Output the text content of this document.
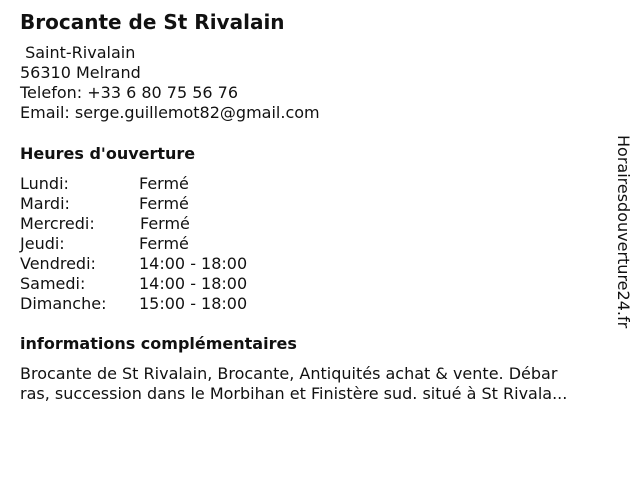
Brocante de St Rivalain
Saint-Rivalain
56310 Melrand
Telefon: +33 6 80 75 56 76
Email: serge.guillemot82@gmail.com
Heures d'ouverture
Lundi:	Fermé
Mardi:	Fermé
Mercredi:	Fermé
Jeudi:	Fermé
Vendredi:	14:00 - 18:00
Samedi:	14:00 - 18:00
Dimanche: 15:00 - 18:00
informations complémentaires
Brocante de St Rivalain, Brocante, Antiquités achat & vente. Débar
ras, succession dans le Morbihan et Finistère sud. situé à St Rivala...
Horairesdouverture24.fr
